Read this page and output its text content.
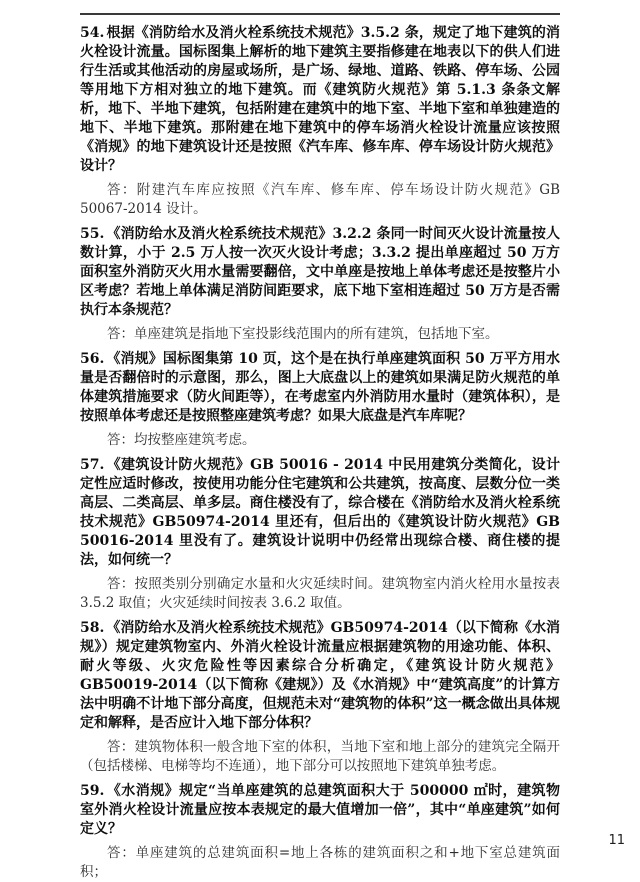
54. 根据《消防给水及消火栓系统技术规范》3.5.2 条，规定了地下建筑的消火栓设计流量。国标图集上解析的地下建筑主要指修建在地表以下的供人们进行生活或其他活动的房屋或场所，是广场、绿地、道路、铁路、停车场、公园等用地下方相对独立的地下建筑。而《建筑防火规范》第 5.1.3 条条文解析，地下、半地下建筑，包括附建在建筑中的地下室、半地下室和单独建造的地下、半地下建筑。那附建在地下建筑中的停车场消火栓设计流量应该按照《消规》的地下建筑设计还是按照《汽车库、修车库、停车场设计防火规范》设计？

答：附建汽车库应按照《汽车库、修车库、停车场设计防火规范》GB 50067-2014 设计。

55. 《消防给水及消火栓系统技术规范》3.2.2 条同一时间灭火设计流量按人数计算，小于 2.5 万人按一次灭火设计考虑；3.3.2 提出单座超过 50 万方面积室外消防灭火用水量需要翻倍，文中单座是按地上单体考虑还是按整片小区考虑？若地上单体满足消防间距要求，底下地下室相连超过 50 万方是否需执行本条规范？

答：单座建筑是指地下室投影线范围内的所有建筑，包括地下室。

56. 《消规》国标图集第 10 页，这个是在执行单座建筑面积 50 万平方用水量是否翻倍时的示意图，那么，图上大底盘以上的建筑如果满足防火规范的单体建筑措施要求（防火间距等），在考虑室内外消防用水量时（建筑体积），是按照单体考虑还是按照整座建筑考虑？如果大底盘是汽车库呢？

答：均按整座建筑考虑。

57. 《建筑设计防火规范》GB 50016 - 2014 中民用建筑分类简化，设计定性应适时修改，按使用功能分住宅建筑和公共建筑，按高度、层数分位一类高层、二类高层、单多层。商住楼没有了，综合楼在《消防给水及消火栓系统技术规范》GB50974-2014 里还有，但后出的《建筑设计防火规范》GB 50016-2014 里没有了。建筑设计说明中仍经常出现综合楼、商住楼的提法，如何统一？

答：按照类别分别确定水量和火灾延续时间。建筑物室内消火栓用水量按表 3.5.2 取值；火灾延续时间按表 3.6.2 取值。

58. 《消防给水及消火栓系统技术规范》GB50974-2014（以下简称《水消规》）规定建筑物室内、外消火栓设计流量应根据建筑物的用途功能、体积、耐火等级、火灾危险性等因素综合分析确定，《建筑设计防火规范》GB50019-2014（以下简称《建规》）及《水消规》中“建筑高度”的计算方法中明确不计地下部分高度，但规范未对“建筑物的体积”这一概念做出具体规定和解释，是否应计入地下部分体积？

答：建筑物体积一般含地下室的体积，当地下室和地上部分的建筑完全隔开（包括楼梯、电梯等均不连通），地下部分可以按照地下建筑单独考虑。

59. 《水消规》规定“当单座建筑的总建筑面积大于 500000 ㎡时，建筑物室外消火栓设计流量应按本表规定的最大值增加一倍”，其中“单座建筑”如何定义？

答：单座建筑的总建筑面积=地上各栋的建筑面积之和+地下室总建筑面积；

11
